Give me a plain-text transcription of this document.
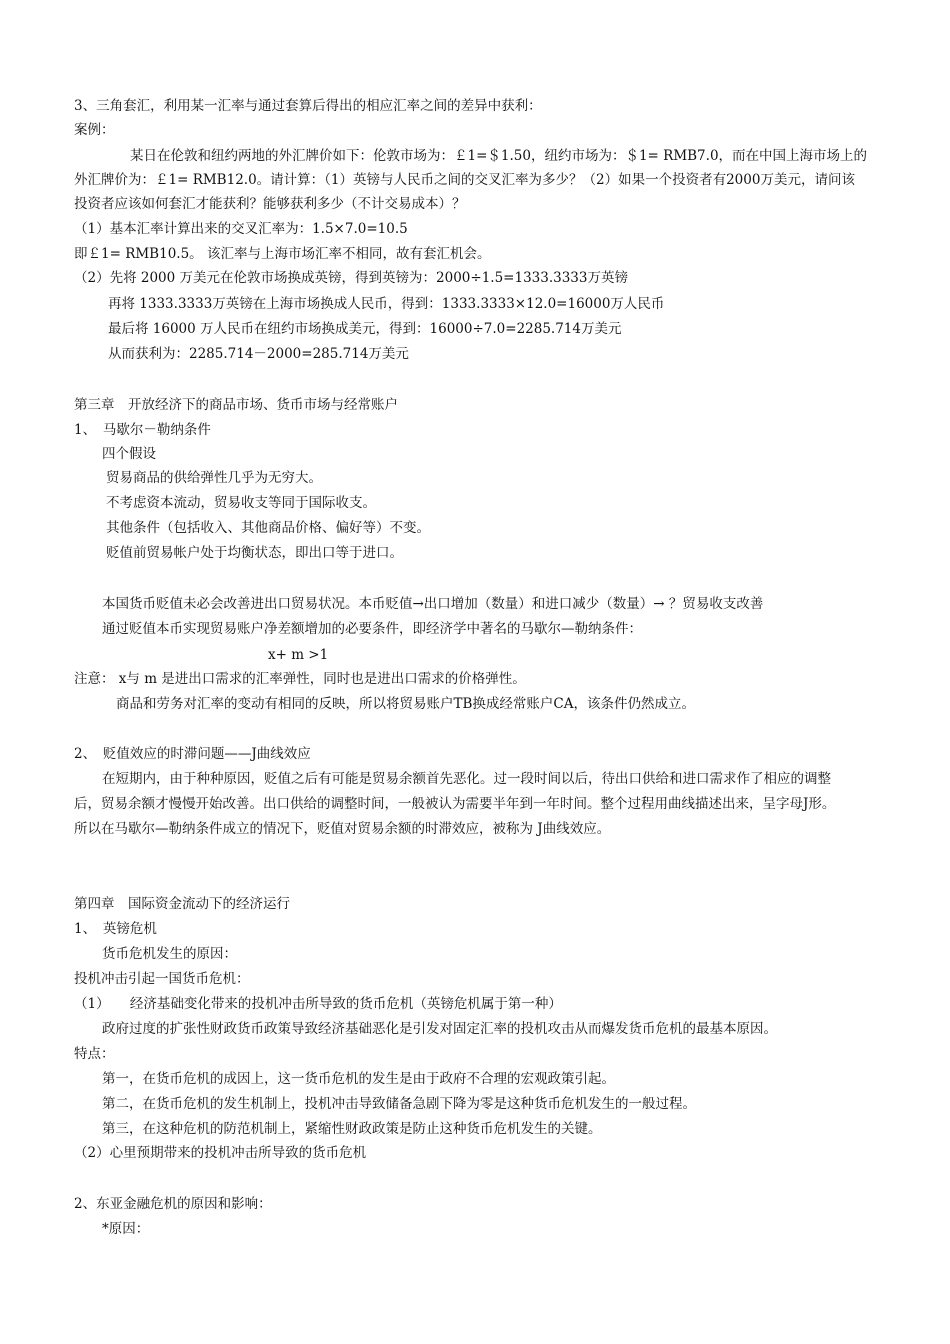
3、三角套汇，利用某一汇率与通过套算后得出的相应汇率之间的差异中获利：
案例：
某日在伦敦和纽约两地的外汇牌价如下：伦敦市场为：￡1=＄1.50，纽约市场为：＄1= RMB7.0，而在中国上海市场上的
外汇牌价为：￡1= RMB12.0。请计算：（1）英镑与人民币之间的交叉汇率为多少？（2）如果一个投资者有2000万美元，请问该
投资者应该如何套汇才能获利？能够获利多少（不计交易成本）？
（1）基本汇率计算出来的交叉汇率为：1.5×7.0=10.5
即￡1= RMB10.5。 该汇率与上海市场汇率不相同，故有套汇机会。
（2）先将 2000 万美元在伦敦市场换成英镑，得到英镑为：2000÷1.5=1333.3333万英镑
再将 1333.3333万英镑在上海市场换成人民币，得到：1333.3333×12.0=16000万人民币
最后将 16000 万人民币在纽约市场换成美元，得到：16000÷7.0=2285.714万美元
从而获利为：2285.714－2000=285.714万美元
第三章　开放经济下的商品市场、货币市场与经常账户
1、　马歇尔－勒纳条件
四个假设
贸易商品的供给弹性几乎为无穷大。
不考虑资本流动，贸易收支等同于国际收支。
其他条件（包括收入、其他商品价格、偏好等）不变。
贬值前贸易帐户处于均衡状态，即出口等于进口。
本国货币贬值未必会改善进出口贸易状况。本币贬值→出口增加（数量）和进口减少（数量）→ ？贸易收支改善
通过贬值本币实现贸易账户净差额增加的必要条件，即经济学中著名的马歇尔—勒纳条件：
x+ m >1
注意： x与 m 是进出口需求的汇率弹性，同时也是进出口需求的价格弹性。
商品和劳务对汇率的变动有相同的反映，所以将贸易账户TB换成经常账户CA，该条件仍然成立。
2、　贬值效应的时滞问题——J曲线效应
在短期内，由于种种原因，贬值之后有可能是贸易余额首先恶化。过一段时间以后，待出口供给和进口需求作了相应的调整
后，贸易余额才慢慢开始改善。出口供给的调整时间，一般被认为需要半年到一年时间。整个过程用曲线描述出来，呈字母J形。
所以在马歇尔—勒纳条件成立的情况下，贬值对贸易余额的时滞效应，被称为 J曲线效应。
第四章　国际资金流动下的经济运行
1、　英镑危机
货币危机发生的原因：
投机冲击引起一国货币危机：
（1）　　经济基础变化带来的投机冲击所导致的货币危机（英镑危机属于第一种）
政府过度的扩张性财政货币政策导致经济基础恶化是引发对固定汇率的投机攻击从而爆发货币危机的最基本原因。
特点：
第一，在货币危机的成因上，这一货币危机的发生是由于政府不合理的宏观政策引起。
第二，在货币危机的发生机制上，投机冲击导致储备急剧下降为零是这种货币危机发生的一般过程。
第三，在这种危机的防范机制上，紧缩性财政政策是防止这种货币危机发生的关键。
（2）心里预期带来的投机冲击所导致的货币危机
2、东亚金融危机的原因和影响：
*原因：
